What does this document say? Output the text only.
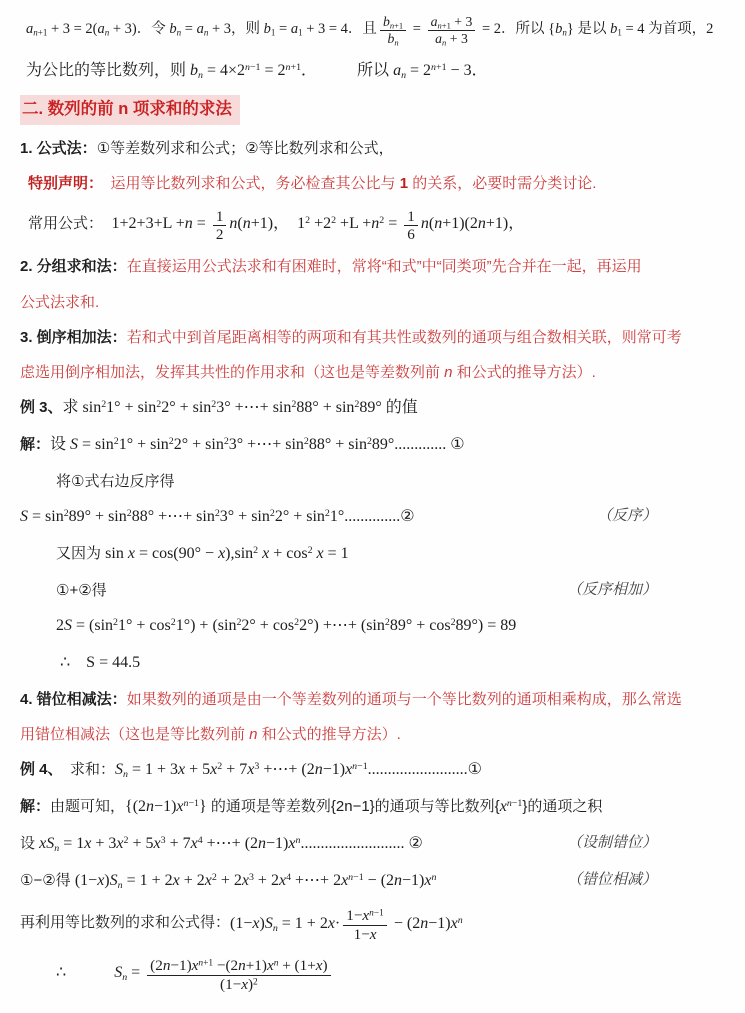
$a_{n+1} + 3 = 2(a_n + 3)$．令 $b_n = a_n + 3$，则 $b_1 = a_1 + 3 = 4$．且 $\frac{b_{n+1}}{b_n} = \frac{a_{n+1} + 3}{a_n + 3} = 2$．所以 $\{b_n\}$ 是以 $b_1 = 4$ 为首项，2
为公比的等比数列，则 $b_n = 4\times 2^{n-1} = 2^{n+1}$．　　　所以 $a_n = 2^{n+1} - 3$．
二. 数列的前 n 项求和的求法
1. 公式法：①等差数列求和公式；②等比数列求和公式，
特别声明：　运用等比数列求和公式，务必检查其公比与 1 的关系，必要时需分类讨论.
常用公式：　$1+2+3+L +n = \frac{1}{2} n(n+1)$，　$1^2 +2^2 +L +n^2 = \frac{1}{6} n(n+1)(2n+1)$，
2. 分组求和法：在直接运用公式法求和有困难时，常将“和式”中“同类项”先合并在一起，再运用
公式法求和.
3. 倒序相加法：若和式中到首尾距离相等的两项和有其共性或数列的通项与组合数相关联，则常可考
虑选用倒序相加法，发挥其共性的作用求和（这也是等差数列前 n 和公式的推导方法）.
例 3、求 $\sin^21^\circ + \sin^22^\circ + \sin^23^\circ$ +⋯+ $\sin^288^\circ + \sin^289^\circ$ 的值
解：设 $S = \sin^21^\circ + \sin^22^\circ + \sin^23^\circ$ +⋯+ $\sin^288^\circ + \sin^289^\circ$............. ①
将①式右边反序得
$S = \sin^289^\circ + \sin^288^\circ$ +⋯+ $\sin^23^\circ + \sin^22^\circ$ + $\sin^21^\circ..............②$	（反序）
又因为 $\sin x = \cos(90^\circ - x),\sin^2$ $x + \cos^2 x = 1$
①+②得	（反序相加）
$2S = (\sin^21^\circ + \cos^21^\circ) + (\sin^22^\circ + \cos^22^\circ)$ +⋯+ $(\sin^289^\circ + \cos^289^\circ) = 89$
∴　S = 44.5
4. 错位相减法：如果数列的通项是由一个等差数列的通项与一个等比数列的通项相乘构成，那么常选
用错位相减法（这也是等比数列前 n 和公式的推导方法）.
例 4、　求和：$S_n = 1 + 3x + 5x^2 + 7x^3$ +⋯+ $(2n-1)x^{n-1}.........................①$
解：由题可知，$\{(2n-1)x^{n-1}\}$ 的通项是等差数列{2n−1}的通项与等比数列$\{x^{n-1}\}$的通项之积
设 $xS_n = 1x + 3x^2 + 5x^3 + 7x^4$ +⋯+ $(2n-1)x^n$.......................... ②	（设制错位）
①−②得 $(1-x)S_n = 1 + 2x + 2x^2 + 2x^3 + 2x^4$ +⋯+ $2x^{n-1} - (2n-1)x^n$	（错位相减）
再利用等比数列的求和公式得：$(1-x)S_n = 1 + 2x\cdot \frac{1-x^{n-1}}{1-x} - (2n-1)x^n$
∴　　　$S_n = \frac{(2n-1)x^{n+1} -(2n+1)x^n + (1+x)}{(1-x)^2}$
